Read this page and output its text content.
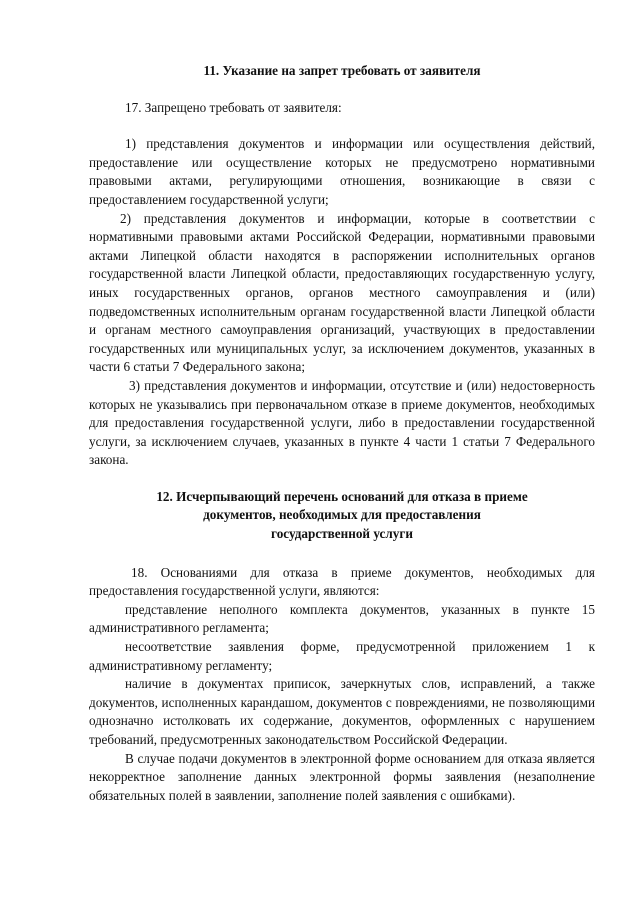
11. Указание на запрет требовать от заявителя

17. Запрещено требовать от заявителя:

1) представления документов и информации или осуществления действий, предоставление или осуществление которых не предусмотрено нормативными правовыми актами, регулирующими отношения, возникающие в связи с предоставлением государственной услуги;

2) представления документов и информации, которые в соответствии с нормативными правовыми актами Российской Федерации, нормативными правовыми актами Липецкой области находятся в распоряжении исполнительных органов государственной власти Липецкой области, предоставляющих государственную услугу, иных государственных органов, органов местного самоуправления и (или) подведомственных исполнительным органам государственной власти Липецкой области и органам местного самоуправления организаций, участвующих в предоставлении государственных или муниципальных услуг, за исключением документов, указанных в части 6 статьи 7 Федерального закона;

3) представления документов и информации, отсутствие и (или) недостоверность которых не указывались при первоначальном отказе в приеме документов, необходимых для предоставления государственной услуги, либо в предоставлении государственной услуги, за исключением случаев, указанных в пункте 4 части 1 статьи 7 Федерального закона.

12. Исчерпывающий перечень оснований для отказа в приеме

документов, необходимых для предоставления

государственной услуги

18. Основаниями для отказа в приеме документов, необходимых для предоставления государственной услуги, являются:

представление неполного комплекта документов, указанных в пункте 15 административного регламента;

несоответствие заявления форме, предусмотренной приложением 1 к административному регламенту;

наличие в документах приписок, зачеркнутых слов, исправлений, а также документов, исполненных карандашом, документов с повреждениями, не позволяющими однозначно истолковать их содержание, документов, оформленных с нарушением требований, предусмотренных законодательством Российской Федерации.

В случае подачи документов в электронной форме основанием для отказа является некорректное заполнение данных электронной формы заявления (незаполнение обязательных полей в заявлении, заполнение полей заявления с ошибками).
